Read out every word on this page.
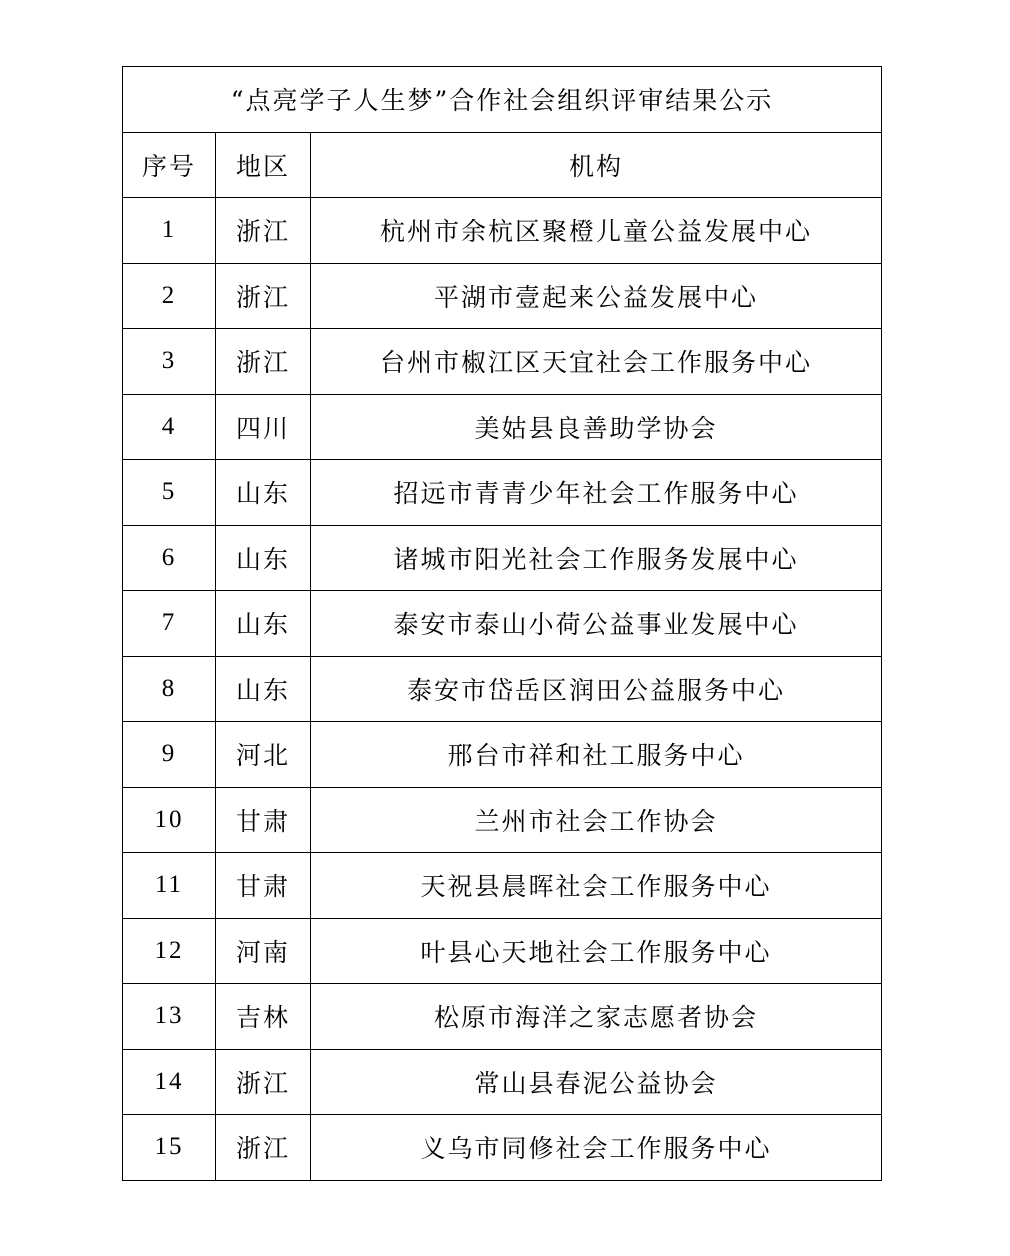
“点亮学子人生梦”合作社会组织评审结果公示		
序号	地区	机构
1	浙江	杭州市余杭区聚橙儿童公益发展中心
2	浙江	平湖市壹起来公益发展中心
3	浙江	台州市椒江区天宜社会工作服务中心
4	四川	美姑县良善助学协会
5	山东	招远市青青少年社会工作服务中心
6	山东	诸城市阳光社会工作服务发展中心
7	山东	泰安市泰山小荷公益事业发展中心
8	山东	泰安市岱岳区润田公益服务中心
9	河北	邢台市祥和社工服务中心
10	甘肃	兰州市社会工作协会
11	甘肃	天祝县晨晖社会工作服务中心
12	河南	叶县心天地社会工作服务中心
13	吉林	松原市海洋之家志愿者协会
14	浙江	常山县春泥公益协会
15	浙江	义乌市同修社会工作服务中心
